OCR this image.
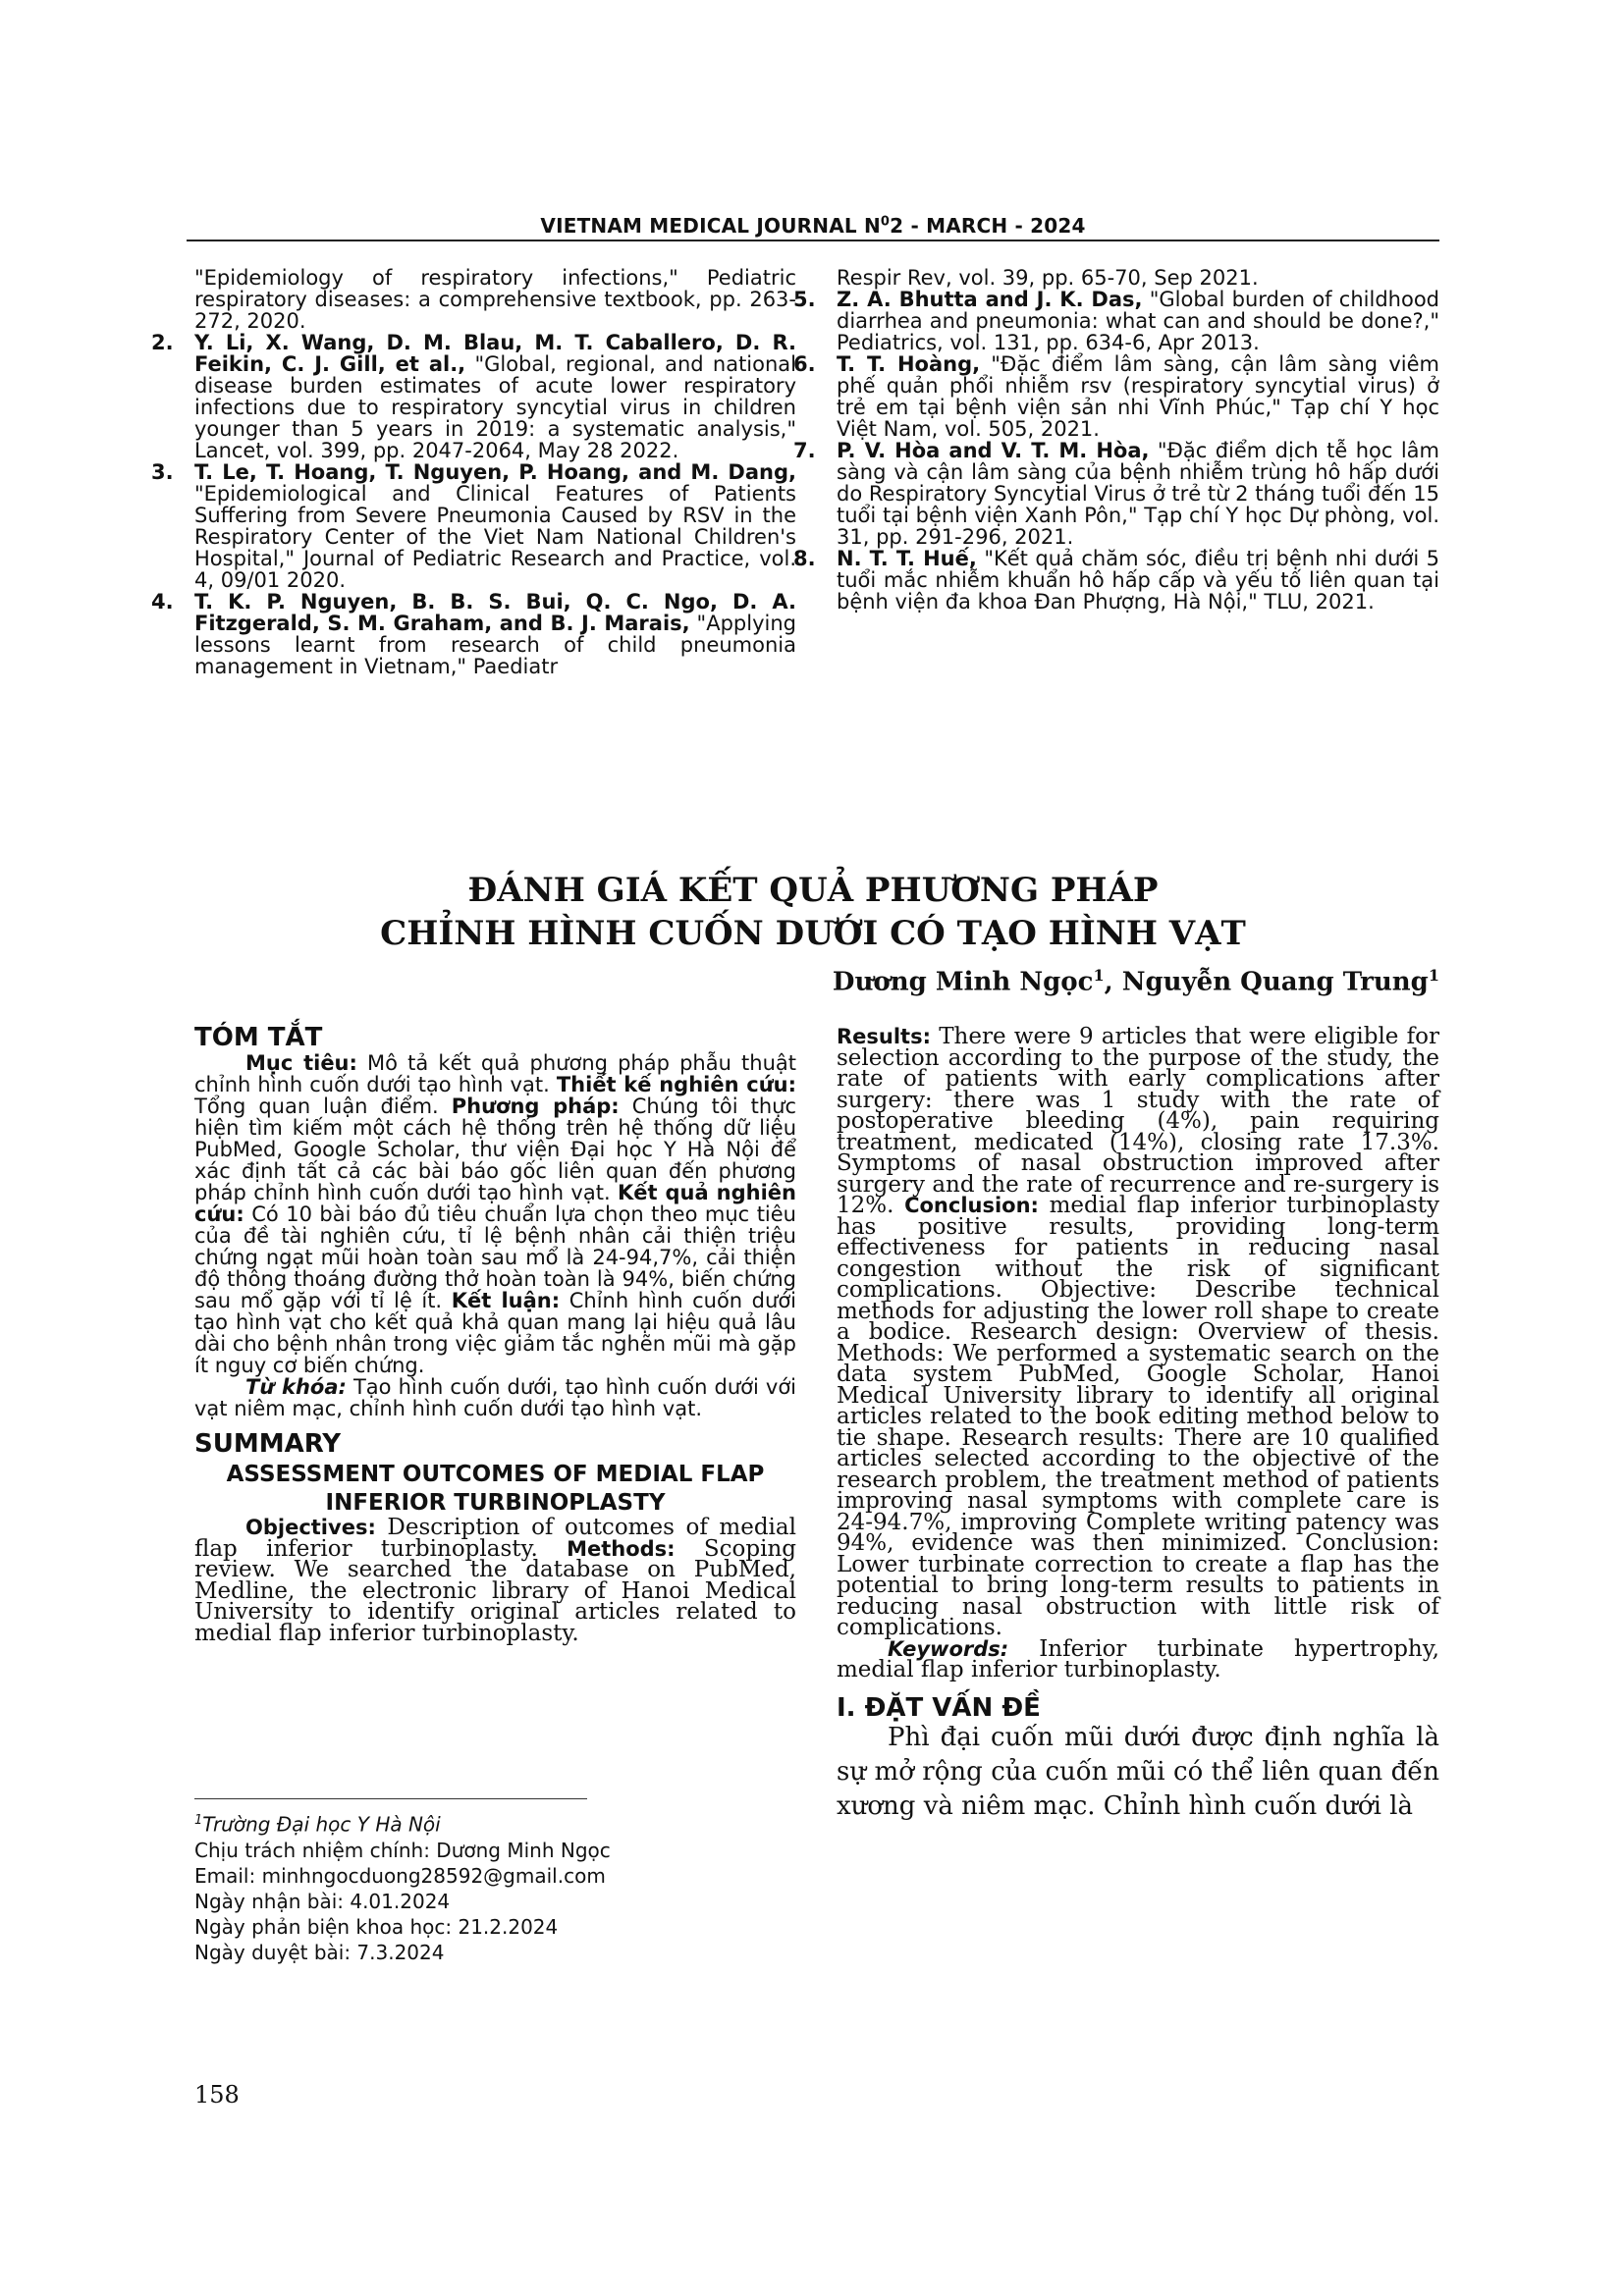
VIETNAM MEDICAL JOURNAL $N^02$ - MARCH - 2024
"Epidemiology of respiratory infections," Pediatric respiratory diseases: a comprehensive textbook, pp. 263-272, 2020.
2. Y. Li, X. Wang, D. M. Blau, M. T. Caballero, D. R. Feikin, C. J. Gill, et al., "Global, regional, and national disease burden estimates of acute lower respiratory infections due to respiratory syncytial virus in children younger than 5 years in 2019: a systematic analysis," Lancet, vol. 399, pp. 2047-2064, May 28 2022.
3. T. Le, T. Hoang, T. Nguyen, P. Hoang, and M. Dang, "Epidemiological and Clinical Features of Patients Suffering from Severe Pneumonia Caused by RSV in the Respiratory Center of the Viet Nam National Children's Hospital," Journal of Pediatric Research and Practice, vol. 4, 09/01 2020.
4. T. K. P. Nguyen, B. B. S. Bui, Q. C. Ngo, D. A. Fitzgerald, S. M. Graham, and B. J. Marais, "Applying lessons learnt from research of child pneumonia management in Vietnam," Paediatr
Respir Rev, vol. 39, pp. 65-70, Sep 2021.
5. Z. A. Bhutta and J. K. Das, "Global burden of childhood diarrhea and pneumonia: what can and should be done?," Pediatrics, vol. 131, pp. 634-6, Apr 2013.
6. T. T. Hoàng, "Đặc điểm lâm sàng, cận lâm sàng viêm phế quản phổi nhiễm rsv (respiratory syncytial virus) ở trẻ em tại bệnh viện sản nhi Vĩnh Phúc," Tạp chí Y học Việt Nam, vol. 505, 2021.
7. P. V. Hòa and V. T. M. Hòa, "Đặc điểm dịch tễ học lâm sàng và cận lâm sàng của bệnh nhiễm trùng hô hấp dưới do Respiratory Syncytial Virus ở trẻ từ 2 tháng tuổi đến 15 tuổi tại bệnh viện Xanh Pôn," Tạp chí Y học Dự phòng, vol. 31, pp. 291-296, 2021.
8. N. T. T. Huế, "Kết quả chăm sóc, điều trị bệnh nhi dưới 5 tuổi mắc nhiễm khuẩn hô hấp cấp và yếu tố liên quan tại bệnh viện đa khoa Đan Phượng, Hà Nội," TLU, 2021.
ĐÁNH GIÁ KẾT QUẢ PHƯƠNG PHÁP
CHỈNH HÌNH CUỐN DƯỚI CÓ TẠO HÌNH VẠT
Dương Minh Ngọc$^1$, Nguyễn Quang Trung$^1$
TÓM TẮT
Mục tiêu: Mô tả kết quả phương pháp phẫu thuật chỉnh hình cuốn dưới tạo hình vạt. Thiết kế nghiên cứu: Tổng quan luận điểm. Phương pháp: Chúng tôi thực hiện tìm kiếm một cách hệ thống trên hệ thống dữ liệu PubMed, Google Scholar, thư viện Đại học Y Hà Nội để xác định tất cả các bài báo gốc liên quan đến phương pháp chỉnh hình cuốn dưới tạo hình vạt. Kết quả nghiên cứu: Có 10 bài báo đủ tiêu chuẩn lựa chọn theo mục tiêu của đề tài nghiên cứu, tỉ lệ bệnh nhân cải thiện triệu chứng ngạt mũi hoàn toàn sau mổ là 24-94,7%, cải thiện độ thông thoáng đường thở hoàn toàn là 94%, biến chứng sau mổ gặp với tỉ lệ ít. Kết luận: Chỉnh hình cuốn dưới tạo hình vạt cho kết quả khả quan mang lại hiệu quả lâu dài cho bệnh nhân trong việc giảm tắc nghẽn mũi mà gặp ít nguy cơ biến chứng.
Từ khóa: Tạo hình cuốn dưới, tạo hình cuốn dưới với vạt niêm mạc, chỉnh hình cuốn dưới tạo hình vạt.
SUMMARY
ASSESSMENT OUTCOMES OF MEDIAL FLAP INFERIOR TURBINOPLASTY
Objectives: Description of outcomes of medial flap inferior turbinoplasty. Methods: Scoping review. We searched the database on PubMed, Medline, the electronic library of Hanoi Medical University to identify original articles related to medial flap inferior turbinoplasty.
Results: There were 9 articles that were eligible for selection according to the purpose of the study, the rate of patients with early complications after surgery: there was 1 study with the rate of postoperative bleeding (4%), pain requiring treatment, medicated (14%), closing rate 17.3%. Symptoms of nasal obstruction improved after surgery and the rate of recurrence and re-surgery is 12%. Conclusion: medial flap inferior turbinoplasty has positive results, providing long-term effectiveness for patients in reducing nasal congestion without the risk of significant complications. Objective: Describe technical methods for adjusting the lower roll shape to create a bodice. Research design: Overview of thesis. Methods: We performed a systematic search on the data system PubMed, Google Scholar, Hanoi Medical University library to identify all original articles related to the book editing method below to tie shape. Research results: There are 10 qualified articles selected according to the objective of the research problem, the treatment method of patients improving nasal symptoms with complete care is 24-94.7%, improving Complete writing patency was 94%, evidence was then minimized. Conclusion: Lower turbinate correction to create a flap has the potential to bring long-term results to patients in reducing nasal obstruction with little risk of complications.
Keywords: Inferior turbinate hypertrophy, medial flap inferior turbinoplasty.
I. ĐẶT VẤN ĐỀ
Phì đại cuốn mũi dưới được định nghĩa là sự mở rộng của cuốn mũi có thể liên quan đến xương và niêm mạc. Chỉnh hình cuốn dưới là
$^1$Trường Đại học Y Hà Nội
Chịu trách nhiệm chính: Dương Minh Ngọc
Email: minhngocduong28592@gmail.com
Ngày nhận bài: 4.01.2024
Ngày phản biện khoa học: 21.2.2024
Ngày duyệt bài: 7.3.2024
158
